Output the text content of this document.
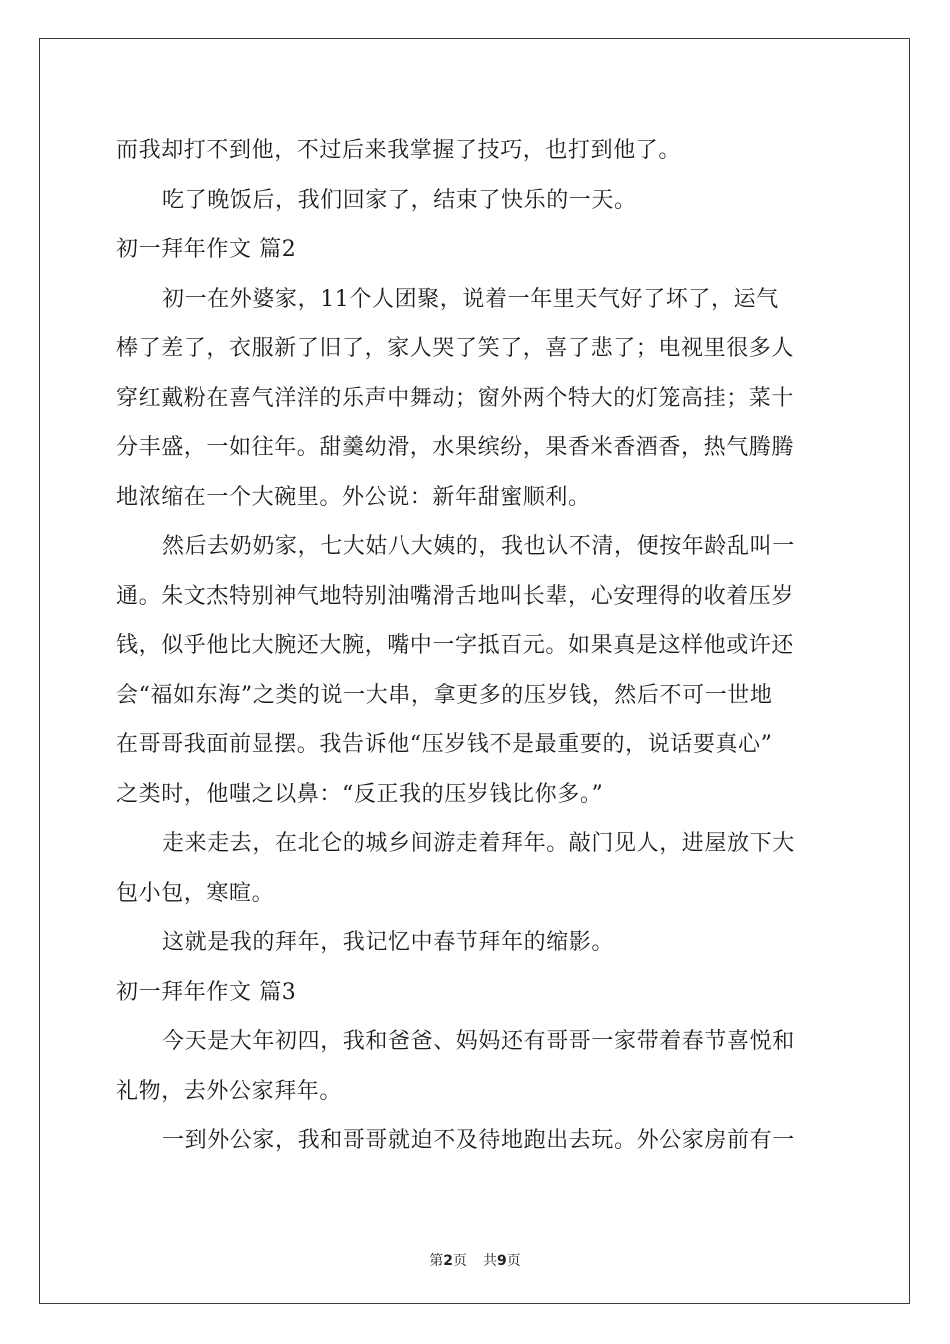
而我却打不到他，不过后来我掌握了技巧，也打到他了。
吃了晚饭后，我们回家了，结束了快乐的一天。
初一拜年作文 篇2
初一在外婆家，11个人团聚，说着一年里天气好了坏了，运气
棒了差了，衣服新了旧了，家人哭了笑了，喜了悲了；电视里很多人
穿红戴粉在喜气洋洋的乐声中舞动；窗外两个特大的灯笼高挂；菜十
分丰盛，一如往年。甜羹幼滑，水果缤纷，果香米香酒香，热气腾腾
地浓缩在一个大碗里。外公说：新年甜蜜顺利。
然后去奶奶家，七大姑八大姨的，我也认不清，便按年龄乱叫一
通。朱文杰特别神气地特别油嘴滑舌地叫长辈，心安理得的收着压岁
钱，似乎他比大腕还大腕，嘴中一字抵百元。如果真是这样他或许还
会“福如东海”之类的说一大串，拿更多的压岁钱，然后不可一世地
在哥哥我面前显摆。我告诉他“压岁钱不是最重要的，说话要真心”
之类时，他嗤之以鼻：“反正我的压岁钱比你多。”
走来走去，在北仑的城乡间游走着拜年。敲门见人，进屋放下大
包小包，寒暄。
这就是我的拜年，我记忆中春节拜年的缩影。
初一拜年作文 篇3
今天是大年初四，我和爸爸、妈妈还有哥哥一家带着春节喜悦和
礼物，去外公家拜年。
一到外公家，我和哥哥就迫不及待地跑出去玩。外公家房前有一
第2页 共9页
